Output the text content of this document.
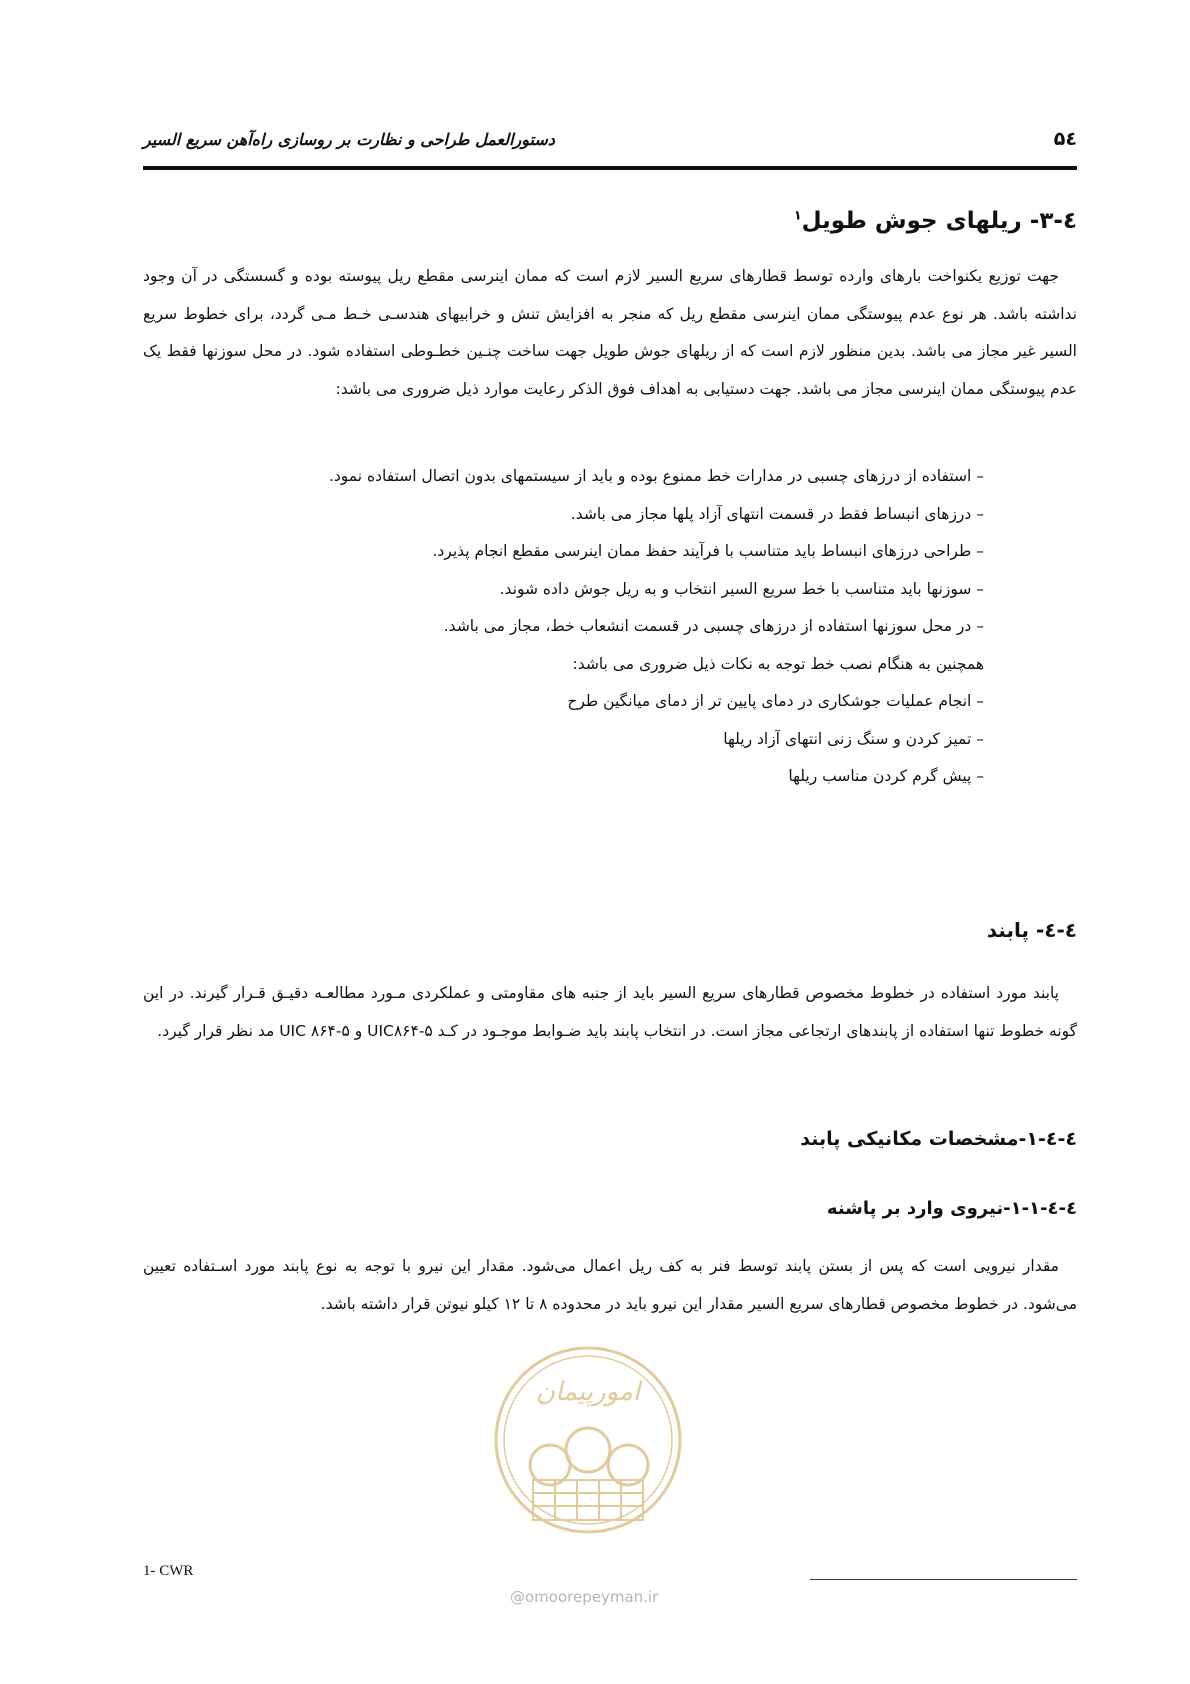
۵٤
دستورالعمل طراحی و نظارت بر روسازی راه‌آهن سریع السیر
٤-۳- ریلهای جوش طویل$^۱$
جهت توزیع یکنواخت بارهای وارده توسط قطارهای سریع السیر لازم است که ممان اینرسی مقطع ریل پیوسته بوده و گسستگی در آن وجود نداشته باشد. هر نوع عدم پیوستگی ممان اینرسی مقطع ریل که منجر به افزایش تنش و خرابیهای هندسـی خـط مـی گردد، برای خطوط سریع السیر غیر مجاز می باشد. بدین منظور لازم است که از ریلهای جوش طویل جهت ساخت چنـین خطـوطی استفاده شود. در محل سوزنها فقط یک عدم پیوستگی ممان اینرسی مجاز می باشد. جهت دستیابی به اهداف فوق الذکر رعایت موارد ذیل ضروری می باشد:
– استفاده از درزهای چسبی در مدارات خط ممنوع بوده و باید از سیستمهای بدون اتصال استفاده نمود.
– درزهای انبساط فقط در قسمت انتهای آزاد پلها مجاز می باشد.
– طراحی درزهای انبساط باید متناسب با فرآیند حفظ ممان اینرسی مقطع انجام پذیرد.
– سوزنها باید متناسب با خط سریع السیر انتخاب و به ریل جوش داده شوند.
– در محل سوزنها استفاده از درزهای چسبی در قسمت انشعاب خط، مجاز می باشد.
همچنین به هنگام نصب خط توجه به نکات ذیل ضروری می باشد:
– انجام عملیات جوشکاری در دمای پایین تر از دمای میانگین طرح
– تمیز کردن و سنگ زنی انتهای آزاد ریلها
– پیش گرم کردن مناسب ریلها
٤-٤- پابند
پابند مورد استفاده در خطوط مخصوص قطارهای سریع السیر باید از جنبه های مقاومتی و عملکردی مـورد مطالعـه دقیـق قـرار گیرند. در این گونه خطوط تنها استفاده از پابندهای ارتجاعی مجاز است. در انتخاب پابند باید ضـوابط موجـود در کـد UIC۸۶۴-۵ و UIC ۸۶۴-۵ مد نظر قرار گیرد.
٤-٤-۱-مشخصات مکانیکی پابند
٤-٤-۱-۱-نیروی وارد بر پاشنه
مقدار نیرویی است که پس از بستن پابند توسط فنر به کف ریل اعمال می‌شود. مقدار این نیرو با توجه به نوع پابند مورد اسـتفاده تعیین می‌شود. در خطوط مخصوص قطارهای سریع السیر مقدار این نیرو باید در محدوده ۸ تا ۱۲ کیلو نیوتن قرار داشته باشد.
امورپیمان
@omoorepeyman.ir
1- CWR
